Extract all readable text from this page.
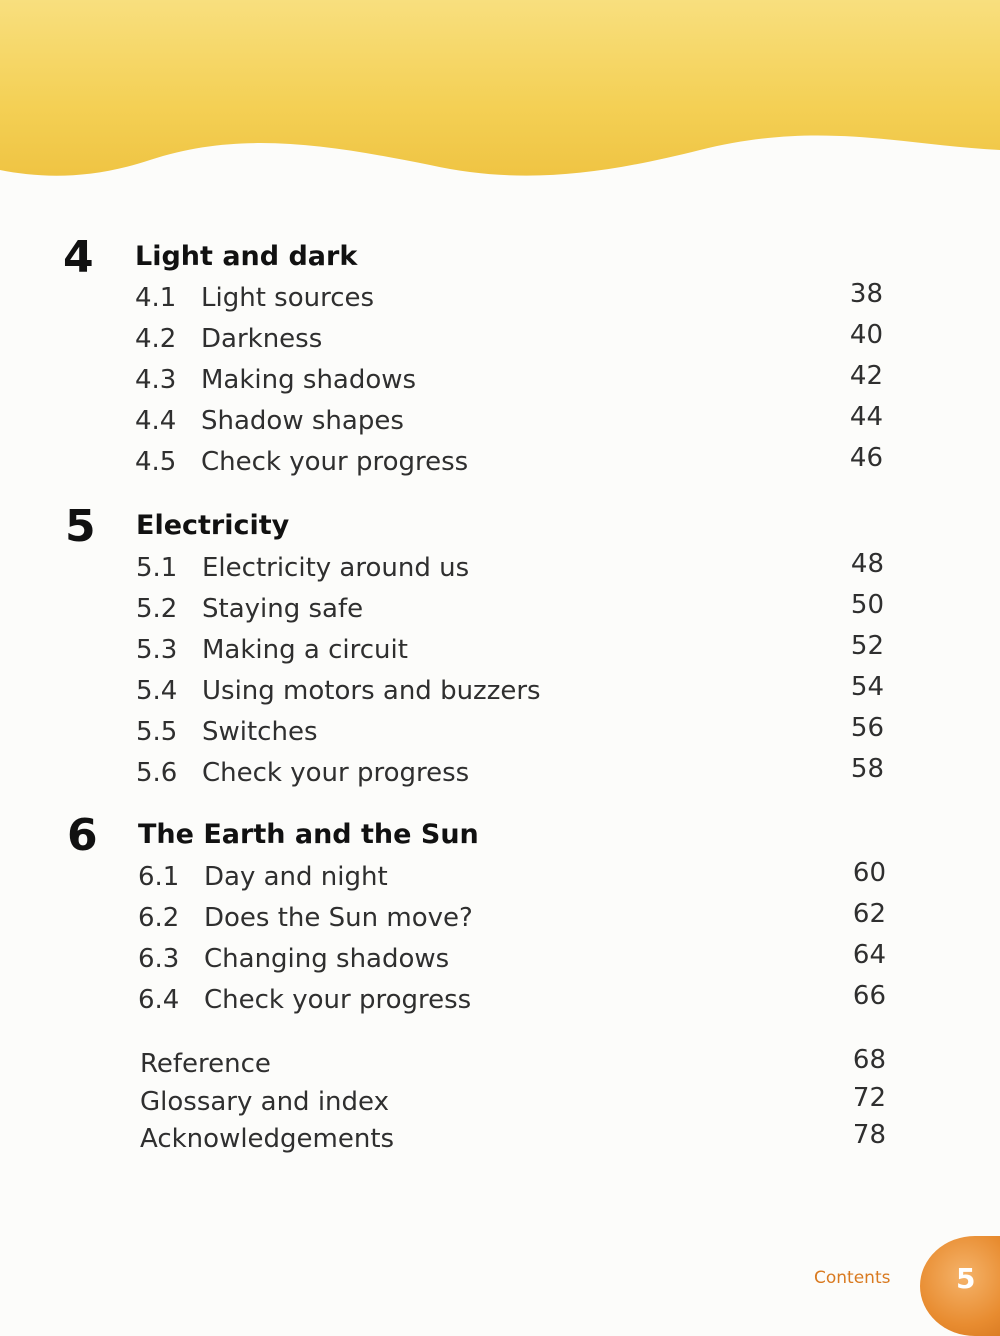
4 Light and dark
4.1 Light sources	38
4.2 Darkness	40
4.3 Making shadows	42
4.4 Shadow shapes	44
4.5 Check your progress	46
5 Electricity
5.1 Electricity around us	48
5.2 Staying safe	50
5.3 Making a circuit	52
5.4 Using motors and buzzers	54
5.5 Switches	56
5.6 Check your progress	58
6 The Earth and the Sun
6.1 Day and night	60
6.2 Does the Sun move?	62
6.3 Changing shadows	64
6.4 Check your progress	66
Reference	68
Glossary and index	72
Acknowledgements	78
Contents 5
